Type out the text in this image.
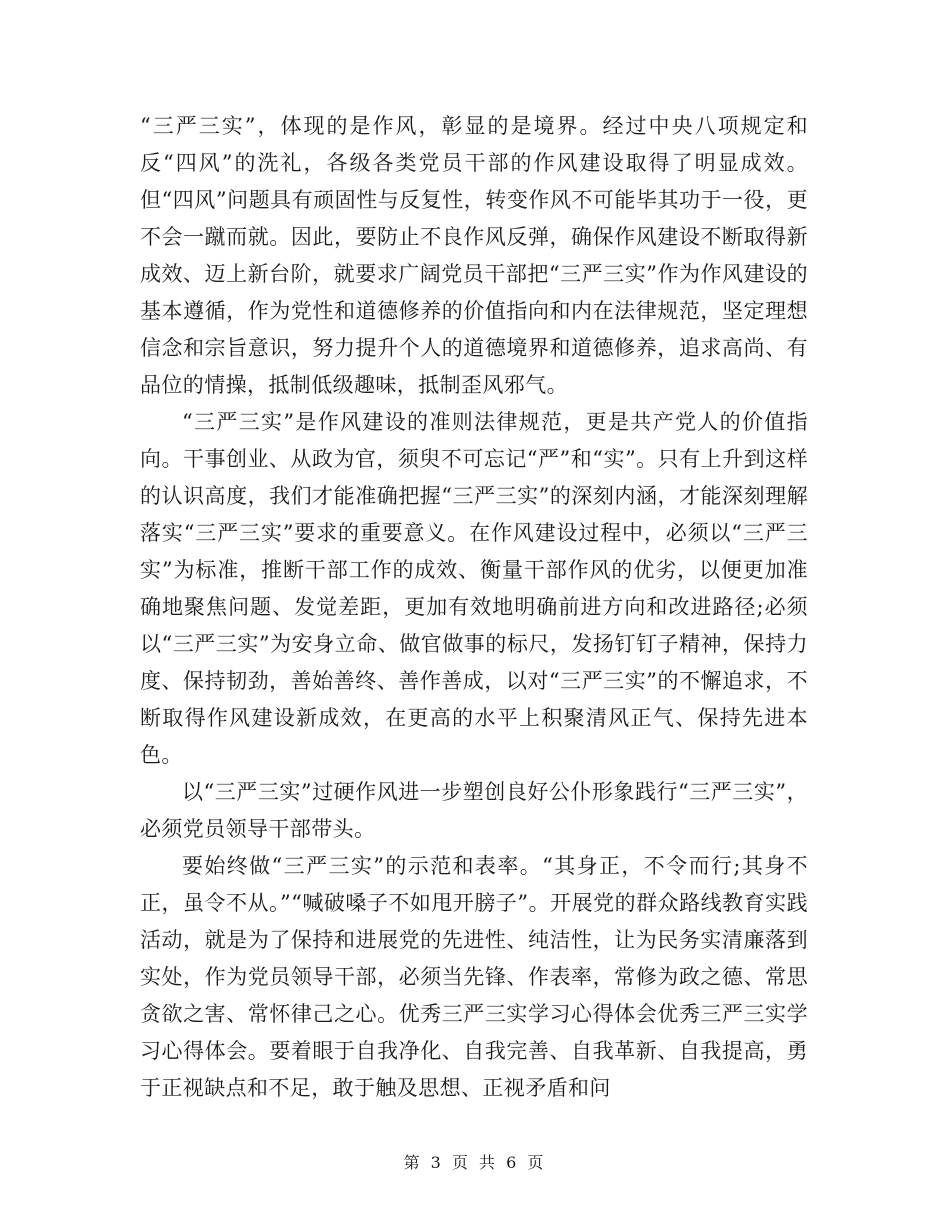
“三严三实”，体现的是作风，彰显的是境界。经过中央八项规定和反“四风”的洗礼，各级各类党员干部的作风建设取得了明显成效。但“四风”问题具有顽固性与反复性，转变作风不可能毕其功于一役，更不会一蹴而就。因此，要防止不良作风反弹，确保作风建设不断取得新成效、迈上新台阶，就要求广阔党员干部把“三严三实”作为作风建设的基本遵循，作为党性和道德修养的价值指向和内在法律规范，坚定理想信念和宗旨意识，努力提升个人的道德境界和道德修养，追求高尚、有品位的情操，抵制低级趣味，抵制歪风邪气。

“三严三实”是作风建设的准则法律规范，更是共产党人的价值指向。干事创业、从政为官，须臾不可忘记“严”和“实”。只有上升到这样的认识高度，我们才能准确把握“三严三实”的深刻内涵，才能深刻理解落实“三严三实”要求的重要意义。在作风建设过程中，必须以“三严三实”为标准，推断干部工作的成效、衡量干部作风的优劣，以便更加准确地聚焦问题、发觉差距，更加有效地明确前进方向和改进路径;必须以“三严三实”为安身立命、做官做事的标尺，发扬钉钉子精神，保持力度、保持韧劲，善始善终、善作善成，以对“三严三实”的不懈追求，不断取得作风建设新成效，在更高的水平上积聚清风正气、保持先进本色。

以“三严三实”过硬作风进一步塑创良好公仆形象践行“三严三实”，必须党员领导干部带头。

要始终做“三严三实”的示范和表率。“其身正，不令而行;其身不正，虽令不从。”“喊破嗓子不如甩开膀子”。开展党的群众路线教育实践活动，就是为了保持和进展党的先进性、纯洁性，让为民务实清廉落到实处，作为党员领导干部，必须当先锋、作表率，常修为政之德、常思贪欲之害、常怀律己之心。优秀三严三实学习心得体会优秀三严三实学习心得体会。要着眼于自我净化、自我完善、自我革新、自我提高，勇于正视缺点和不足，敢于触及思想、正视矛盾和问

第 3 页 共 6 页
